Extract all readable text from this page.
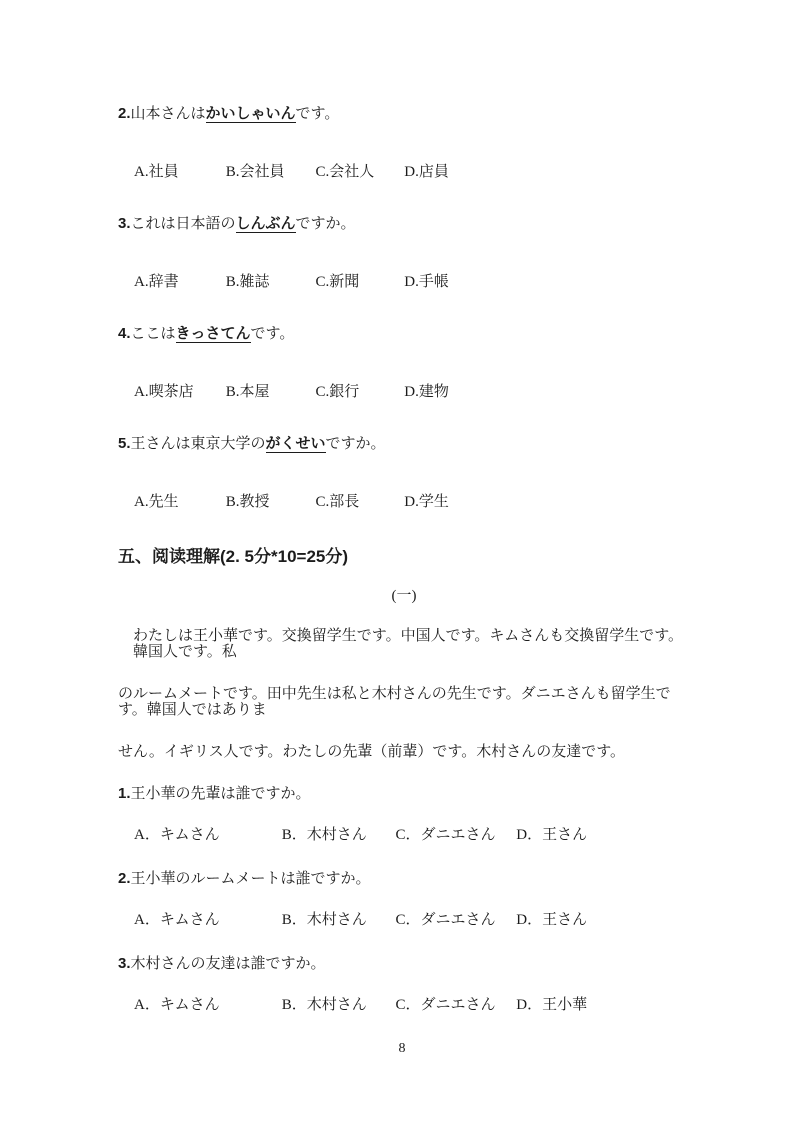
2.山本さんはかいしゃいんです。

A.社員	B.会社員 C.会社人 D.店員

3.これは日本語のしんぶんですか。

A.辞書	B.雑誌	C.新聞	D.手帳

4.ここはきっさてんです。

A.喫茶店 B.本屋	C.銀行	D.建物

5.王さんは東京大学のがくせいですか。

A.先生	B.教授	C.部長	D.学生

五、阅读理解(2. 5分*10=25分)

(一)

わたしは王小華です。交換留学生です。中国人です。キムさんも交換留学生です。韓国人です。私
のルームメートです。田中先生は私と木村さんの先生です。ダニエさんも留学生です。韓国人ではありま
せん。イギリス人です。わたしの先輩（前輩）です。木村さんの友達です。

1.王小華の先輩は誰ですか。

A．キムさん	B．木村さん C．ダニエさん D．王さん

2.王小華のルームメートは誰ですか。

A．キムさん	B．木村さん C．ダニエさん D．王さん

3.木村さんの友達は誰ですか。

A．キムさん	B．木村さん C．ダニエさん D．王小華

8
